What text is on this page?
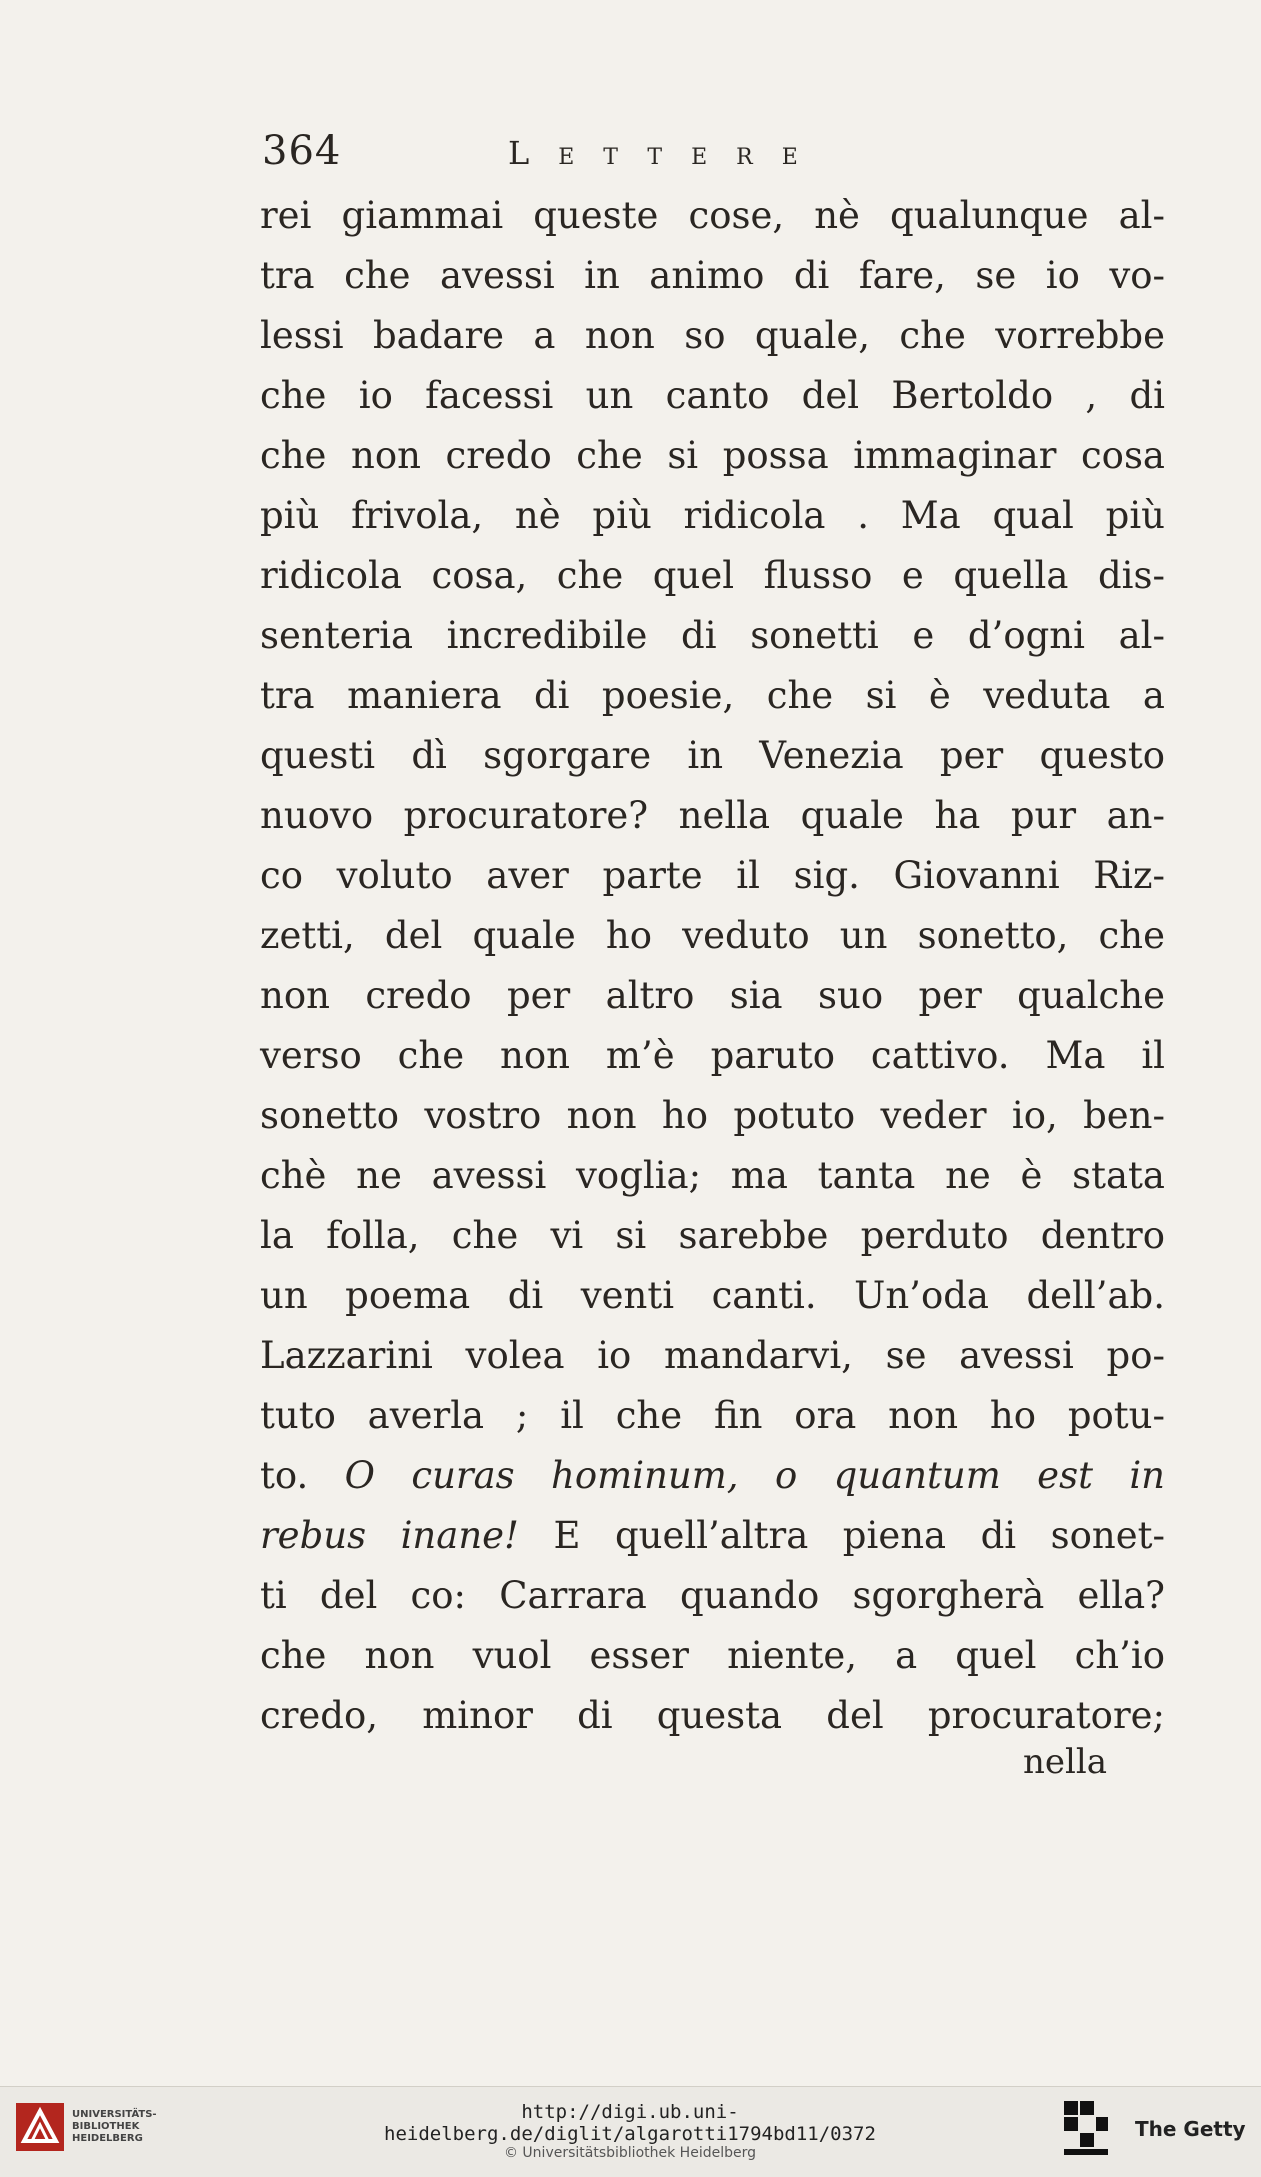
364	Lettere
rei giammai queste cose, nè qualunque al-
tra che avessi in animo di fare, se io vo-
lessi badare a non so quale, che vorrebbe
che io facessi un canto del Bertoldo , di
che non credo che si possa immaginar cosa
più frivola, nè più ridicola . Ma qual più
ridicola cosa, che quel flusso e quella dis-
senteria incredibile di sonetti e d’ogni al-
tra maniera di poesie, che si è veduta a
questi dì sgorgare in Venezia per questo
nuovo procuratore? nella quale ha pur an-
co voluto aver parte il sig. Giovanni Riz-
zetti, del quale ho veduto un sonetto, che
non credo per altro sia suo per qualche
verso che non m’è paruto cattivo. Ma il
sonetto vostro non ho potuto veder io, ben-
chè ne avessi voglia; ma tanta ne è stata
la folla, che vi si sarebbe perduto dentro
un poema di venti canti. Un’oda dell’ab.
Lazzarini volea io mandarvi, se avessi po-
tuto averla ; il che fin ora non ho potu-
to. O curas hominum, o quantum est in
rebus inane! E quell’altra piena di sonet-
ti del co: Carrara quando sgorgherà ella?
che non vuol esser niente, a quel ch’io
credo, minor di questa del procuratore;
nella
UNIVERSITÄTS-
BIBLIOTHEK
HEIDELBERG
http://digi.ub.uni-heidelberg.de/diglit/algarotti1794bd11/0372
© Universitätsbibliothek Heidelberg
The Getty
